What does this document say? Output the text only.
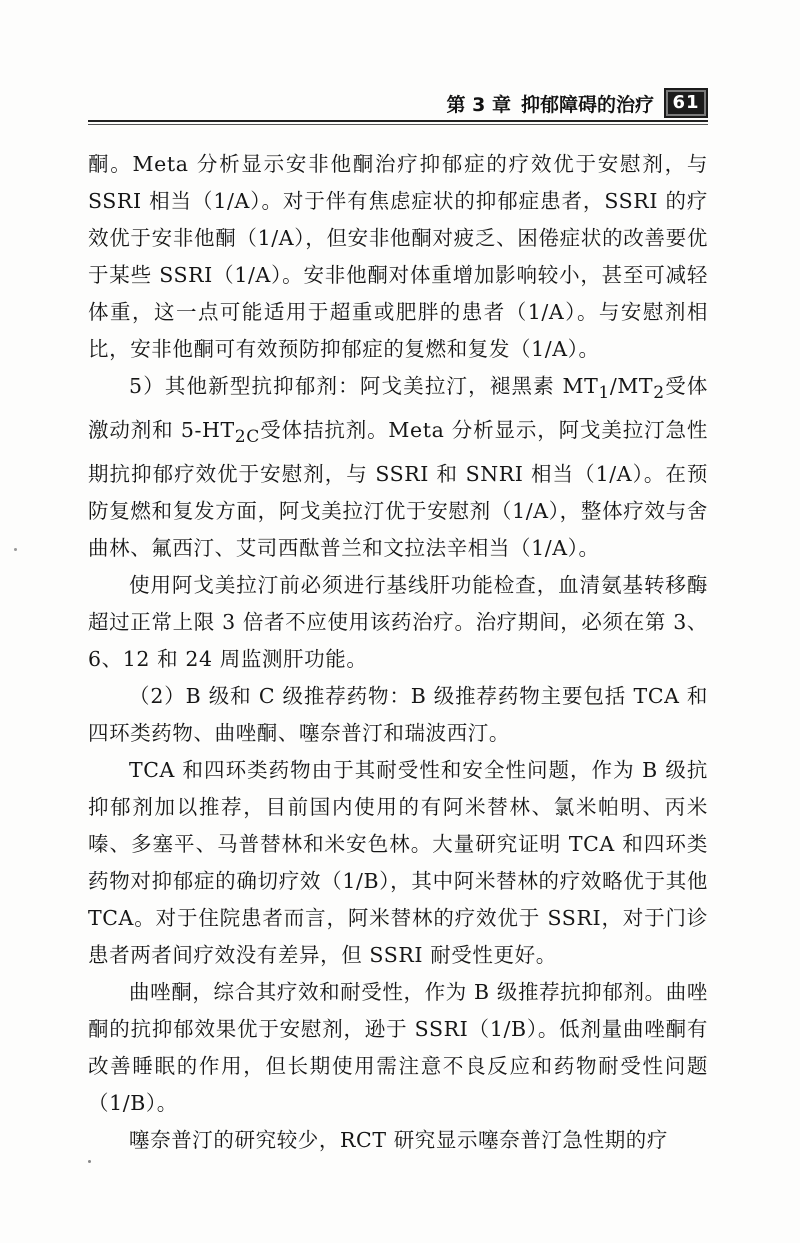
第 3 章 抑郁障碍的治疗	61

酮。Meta 分析显示安非他酮治疗抑郁症的疗效优于安慰剂，与 SSRI 相当（1/A）。对于伴有焦虑症状的抑郁症患者，SSRI 的疗效优于安非他酮（1/A），但安非他酮对疲乏、困倦症状的改善要优于某些 SSRI（1/A）。安非他酮对体重增加影响较小，甚至可减轻体重，这一点可能适用于超重或肥胖的患者（1/A）。与安慰剂相比，安非他酮可有效预防抑郁症的复燃和复发（1/A）。

5）其他新型抗抑郁剂：阿戈美拉汀，褪黑素 $MT_1/MT_2$受体激动剂和 $5-HT_{2C}$受体拮抗剂。Meta 分析显示，阿戈美拉汀急性期抗抑郁疗效优于安慰剂，与 SSRI 和 SNRI 相当（1/A）。在预防复燃和复发方面，阿戈美拉汀优于安慰剂（1/A），整体疗效与舍曲林、氟西汀、艾司西酞普兰和文拉法辛相当（1/A）。

使用阿戈美拉汀前必须进行基线肝功能检查，血清氨基转移酶超过正常上限 3 倍者不应使用该药治疗。治疗期间，必须在第 3、6、12 和 24 周监测肝功能。

（2）B 级和 C 级推荐药物：B 级推荐药物主要包括 TCA 和四环类药物、曲唑酮、噻奈普汀和瑞波西汀。

TCA 和四环类药物由于其耐受性和安全性问题，作为 B 级抗抑郁剂加以推荐，目前国内使用的有阿米替林、氯米帕明、丙米嗪、多塞平、马普替林和米安色林。大量研究证明 TCA 和四环类药物对抑郁症的确切疗效（1/B），其中阿米替林的疗效略优于其他 TCA。对于住院患者而言，阿米替林的疗效优于 SSRI，对于门诊患者两者间疗效没有差异，但 SSRI 耐受性更好。

曲唑酮，综合其疗效和耐受性，作为 B 级推荐抗抑郁剂。曲唑酮的抗抑郁效果优于安慰剂，逊于 SSRI（1/B）。低剂量曲唑酮有改善睡眠的作用，但长期使用需注意不良反应和药物耐受性问题（1/B）。

噻奈普汀的研究较少，RCT 研究显示噻奈普汀急性期的疗
